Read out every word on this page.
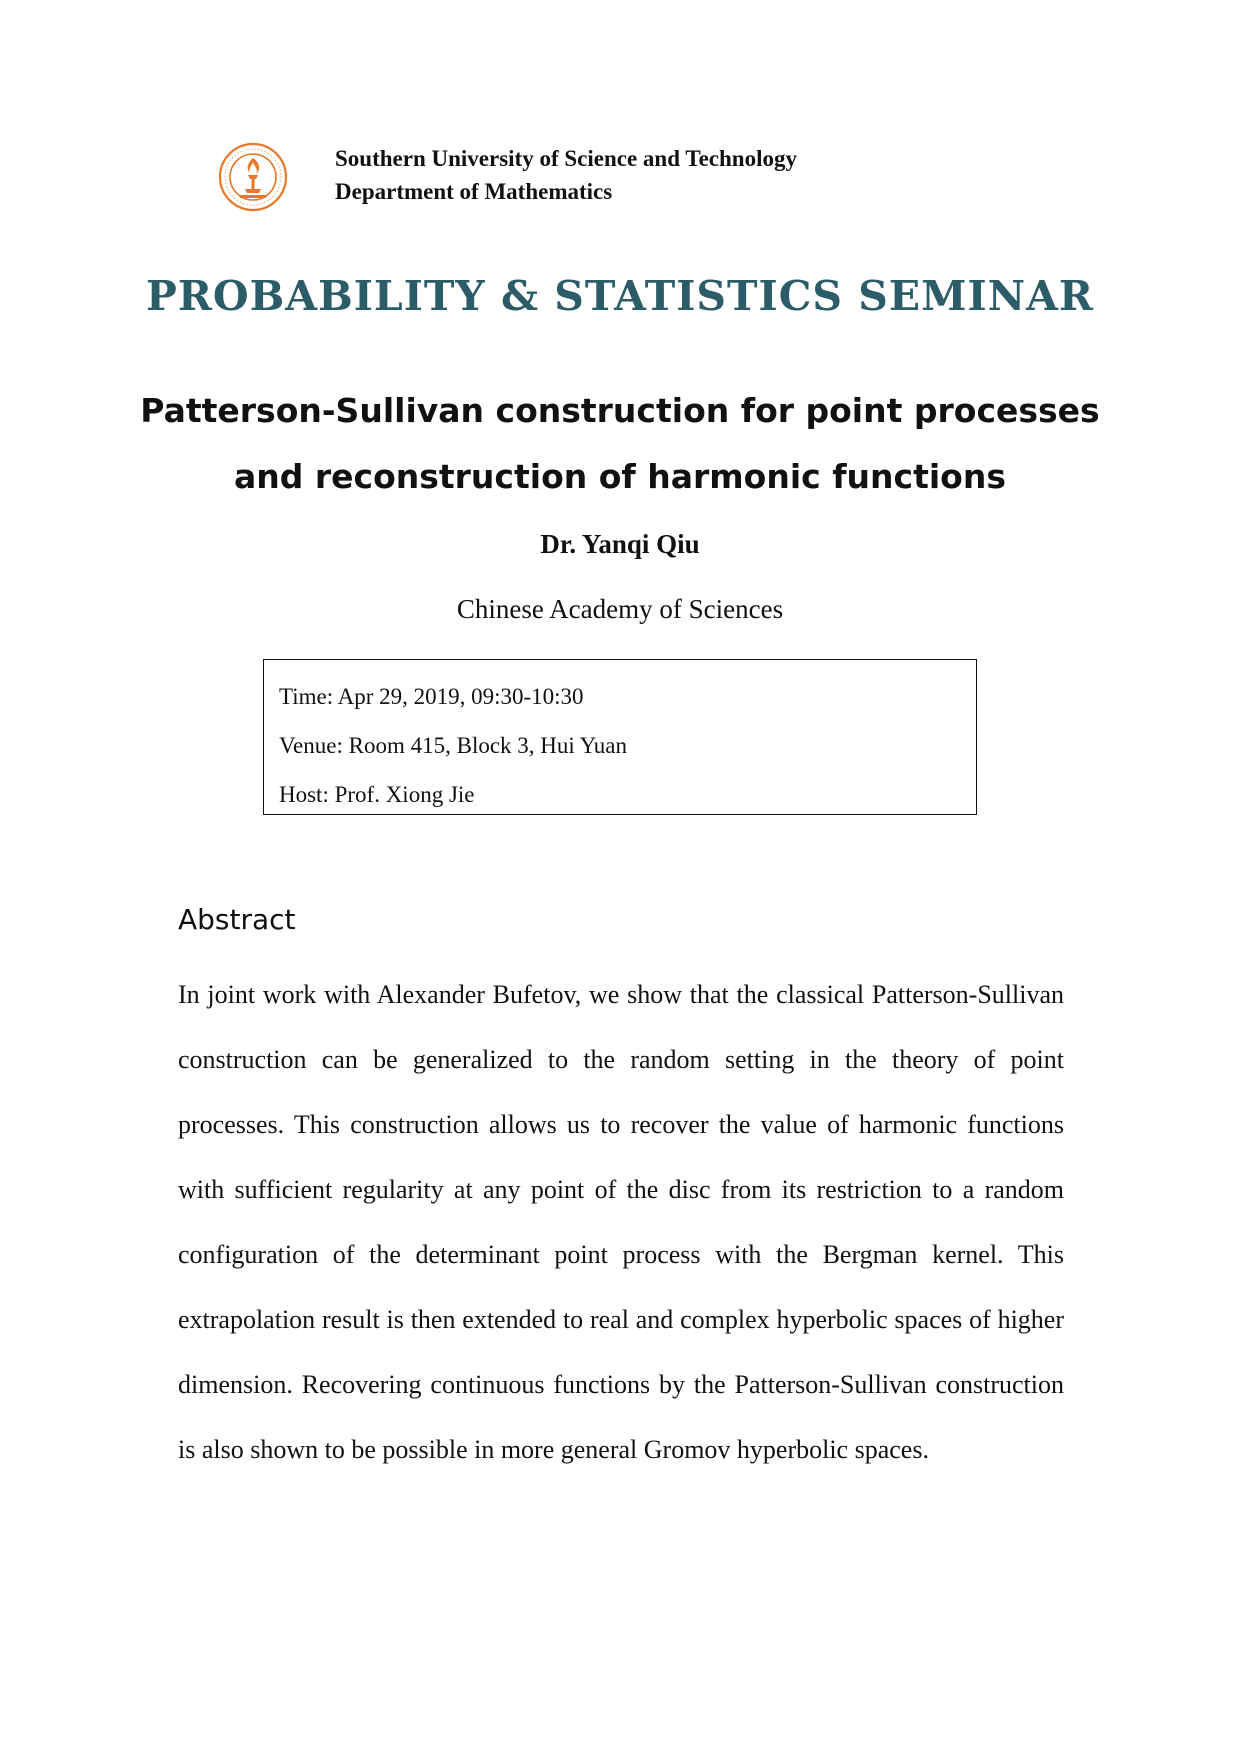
Southern University of Science and Technology
Department of Mathematics
PROBABILITY & STATISTICS SEMINAR
Patterson-Sullivan construction for point processes
and reconstruction of harmonic functions
Dr. Yanqi Qiu
Chinese Academy of Sciences
Time: Apr 29, 2019, 09:30-10:30
Venue: Room 415, Block 3, Hui Yuan
Host: Prof. Xiong Jie
Abstract
In joint work with Alexander Bufetov, we show that the classical Patterson-Sullivan construction can be generalized to the random setting in the theory of point processes. This construction allows us to recover the value of harmonic functions with sufficient regularity at any point of the disc from its restriction to a random configuration of the determinant point process with the Bergman kernel. This extrapolation result is then extended to real and complex hyperbolic spaces of higher dimension. Recovering continuous functions by the Patterson-Sullivan construction is also shown to be possible in more general Gromov hyperbolic spaces.
